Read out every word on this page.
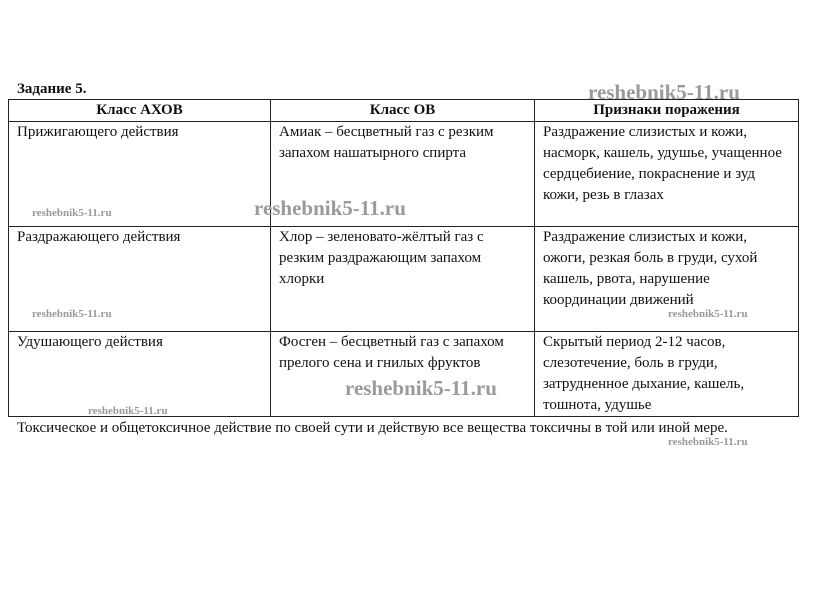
Задание 5.

Класс АХОВ	Класс ОВ	Признаки поражения
Прижигающего действия	Амиак – бесцветный газ с резким запахом нашатырного спирта	Раздражение слизистых и кожи, насморк, кашель, удушье, учащенное сердцебиение, покраснение и зуд кожи, резь в глазах
Раздражающего действия	Хлор – зеленовато-жёлтый газ с резким раздражающим запахом хлорки	Раздражение слизистых и кожи, ожоги, резкая боль в груди, сухой кашель, рвота, нарушение координации движений
Удушающего действия	Фосген – бесцветный газ с запахом прелого сена и гнилых фруктов	Скрытый период 2-12 часов, слезотечение, боль в груди, затрудненное дыхание, кашель, тошнота, удушье

Токсическое и общетоксичное действие по своей сути и действую все вещества токсичны в той или иной мере.

reshebnik5-11.ru
reshebnik5-11.ru	reshebnik5-11.ru
reshebnik5-11.ru	reshebnik5-11.ru
reshebnik5-11.ru
reshebnik5-11.ru
reshebnik5-11.ru
